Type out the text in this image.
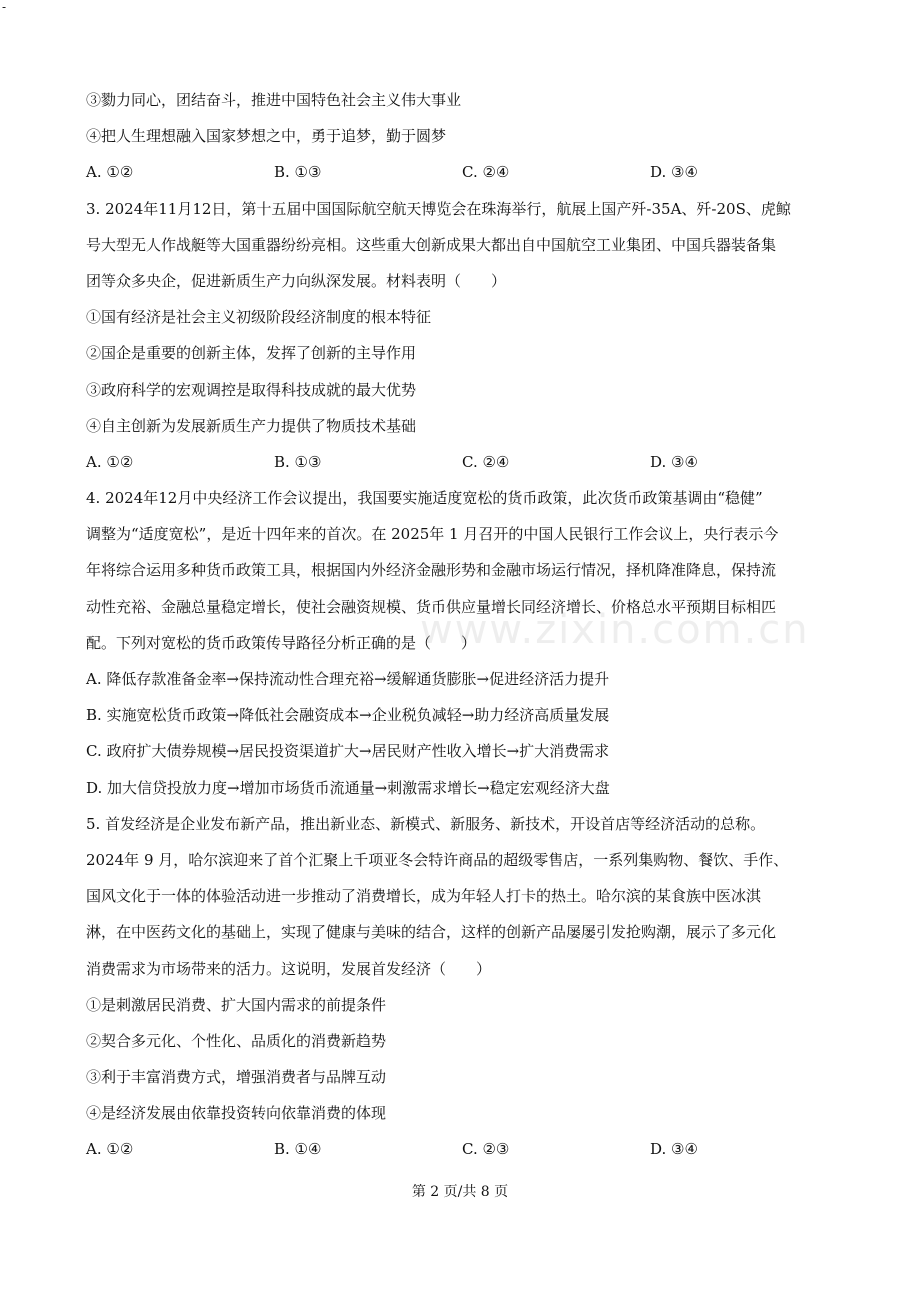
-
www.zixin.com.cn
③勠力同心，团结奋斗，推进中国特色社会主义伟大事业
④把人生理想融入国家梦想之中，勇于追梦，勤于圆梦
A. ①②	B. ①③	C. ②④	D. ③④
3. 2024年11月12日，第十五届中国国际航空航天博览会在珠海举行，航展上国产歼-35A、歼-20S、虎鲸
号大型无人作战艇等大国重器纷纷亮相。这些重大创新成果大都出自中国航空工业集团、中国兵器装备集
团等众多央企，促进新质生产力向纵深发展。材料表明（　　）
①国有经济是社会主义初级阶段经济制度的根本特征
②国企是重要的创新主体，发挥了创新的主导作用
③政府科学的宏观调控是取得科技成就的最大优势
④自主创新为发展新质生产力提供了物质技术基础
A. ①②	B. ①③	C. ②④	D. ③④
4. 2024年12月中央经济工作会议提出，我国要实施适度宽松的货币政策，此次货币政策基调由“稳健”
调整为“适度宽松”，是近十四年来的首次。在 2025年 1 月召开的中国人民银行工作会议上，央行表示今
年将综合运用多种货币政策工具，根据国内外经济金融形势和金融市场运行情况，择机降准降息，保持流
动性充裕、金融总量稳定增长，使社会融资规模、货币供应量增长同经济增长、价格总水平预期目标相匹
配。下列对宽松的货币政策传导路径分析正确的是（　　）
A. 降低存款准备金率→保持流动性合理充裕→缓解通货膨胀→促进经济活力提升
B. 实施宽松货币政策→降低社会融资成本→企业税负减轻→助力经济高质量发展
C. 政府扩大债券规模→居民投资渠道扩大→居民财产性收入增长→扩大消费需求
D. 加大信贷投放力度→增加市场货币流通量→刺激需求增长→稳定宏观经济大盘
5. 首发经济是企业发布新产品，推出新业态、新模式、新服务、新技术，开设首店等经济活动的总称。
2024年 9 月，哈尔滨迎来了首个汇聚上千项亚冬会特许商品的超级零售店，一系列集购物、餐饮、手作、
国风文化于一体的体验活动进一步推动了消费增长，成为年轻人打卡的热土。哈尔滨的某食族中医冰淇
淋，在中医药文化的基础上，实现了健康与美味的结合，这样的创新产品屡屡引发抢购潮，展示了多元化
消费需求为市场带来的活力。这说明，发展首发经济（　　）
①是刺激居民消费、扩大国内需求的前提条件
②契合多元化、个性化、品质化的消费新趋势
③利于丰富消费方式，增强消费者与品牌互动
④是经济发展由依靠投资转向依靠消费的体现
A. ①②	B. ①④	C. ②③	D. ③④
第 2 页/共 8 页
